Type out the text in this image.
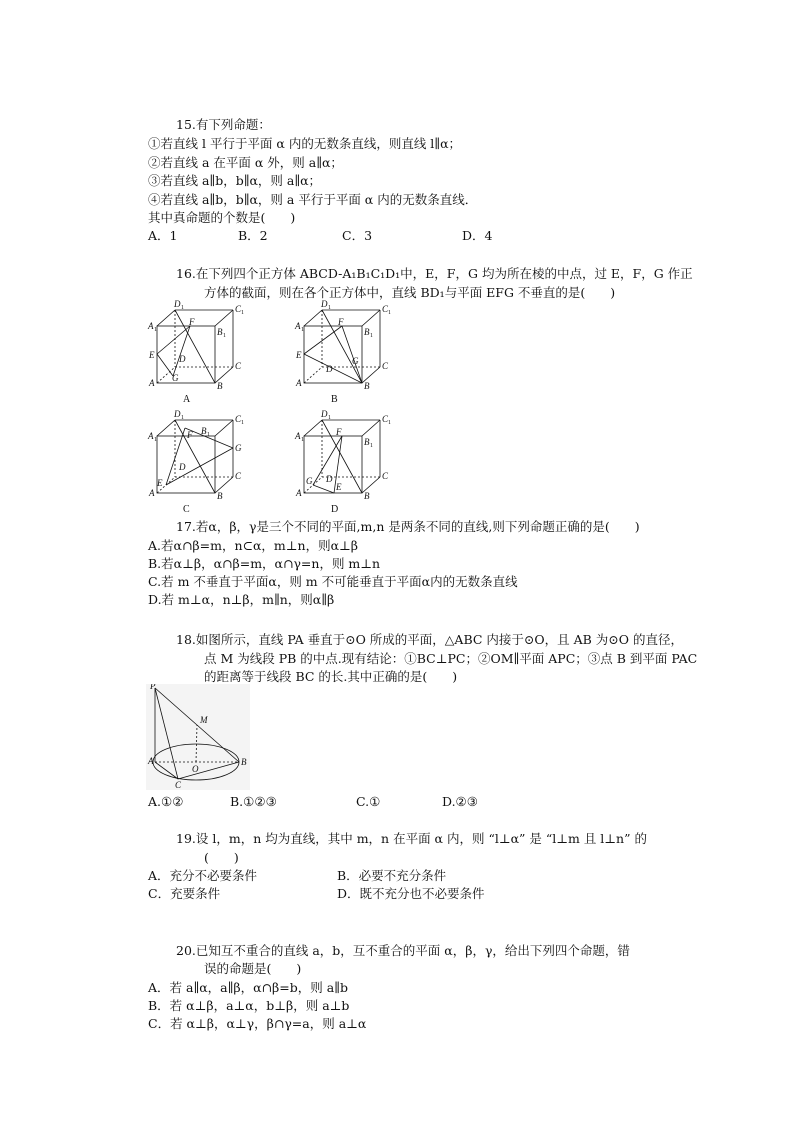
15.有下列命题：
①若直线 l 平行于平面 α 内的无数条直线，则直线 l∥α；
②若直线 a 在平面 α 外，则 a∥α；
③若直线 a∥b，b∥α，则 a∥α；
④若直线 a∥b，b∥α，则 a 平行于平面 α 内的无数条直线．
其中真命题的个数是(　　)
A．1	B．2	C．3	D．4
16.在下列四个正方体 ABCD-A₁B₁C₁D₁中，E，F，G 均为所在棱的中点，过 E，F，G 作正
方体的截面，则在各个正方体中，直线 BD₁与平面 EFG 不垂直的是(　　)
D 1	C 1
A 1	B 1
F
E	D
C
A G
B
A
D 1	C 1
A 1	B 1
F
E
D	C
A
G
B
B
D 1	C 1
A 1
B 1
F
G
D
C
A
E
B
C
D 1	C 1
A 1	B 1
F
G D	C
A
E
B
D
17.若α，β，γ是三个不同的平面,m,n 是两条不同的直线,则下列命题正确的是(　　)
A.若α∩β=m，n⊂α，m⊥n，则α⊥β
B.若α⊥β，α∩β=m，α∩γ=n，则 m⊥n
C.若 m 不垂直于平面α，则 m 不可能垂直于平面α内的无数条直线
D.若 m⊥α，n⊥β，m∥n，则α∥β
18.如图所示，直线 PA 垂直于⊙O 所成的平面，△ABC 内接于⊙O，且 AB 为⊙O 的直径，
点 M 为线段 PB 的中点.现有结论：①BC⊥PC；②OM∥平面 APC；③点 B 到平面 PAC
的距离等于线段 BC 的长.其中正确的是(　　)
P
M
A
O
B
C
A.①②	B.①②③	C.①	D.②③
19.设 l，m，n 均为直线，其中 m，n 在平面 α 内，则 “l⊥α” 是 “l⊥m 且 l⊥n” 的
(　　)
A．充分不必要条件	B．必要不充分条件
C．充要条件	D．既不充分也不必要条件
20.已知互不重合的直线 a，b，互不重合的平面 α，β，γ，给出下列四个命题，错
误的命题是(　　)
A．若 a∥α，a∥β，α∩β=b，则 a∥b
B．若 α⊥β，a⊥α，b⊥β，则 a⊥b
C．若 α⊥β，α⊥γ，β∩γ=a，则 a⊥α
